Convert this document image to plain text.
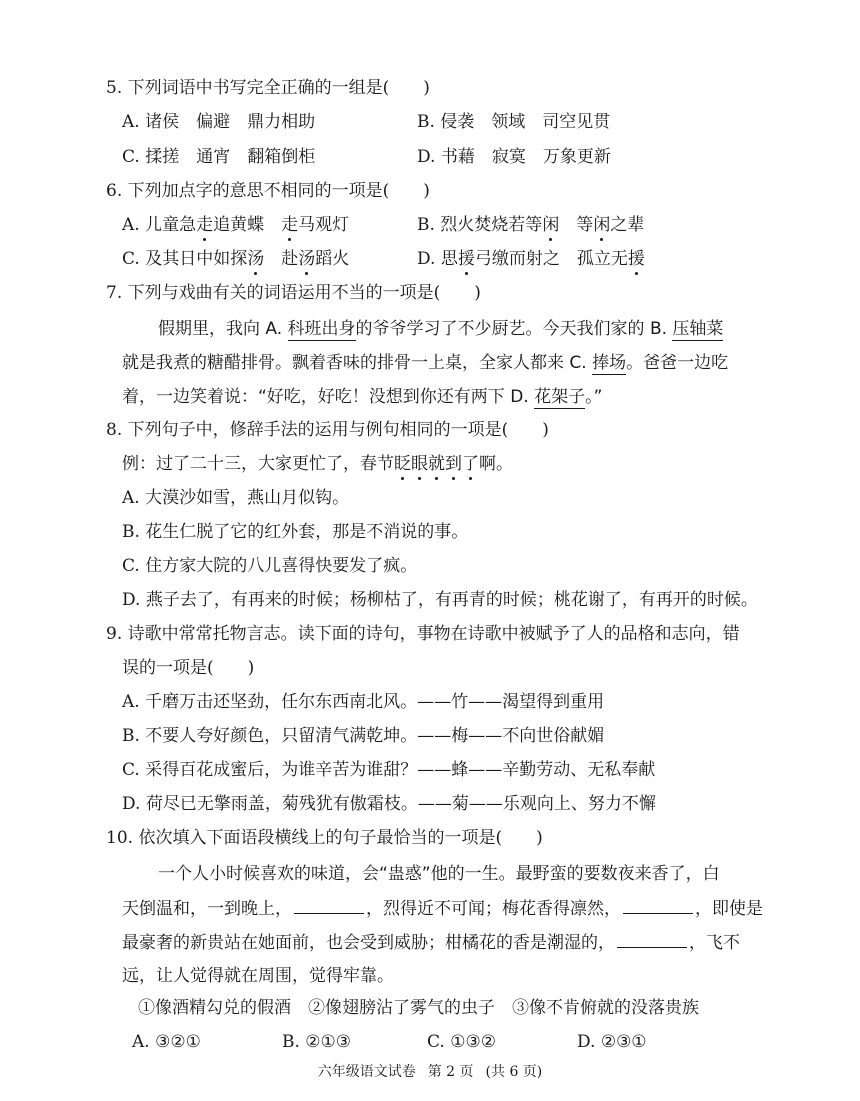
5. 下列词语中书写完全正确的一组是(　　)
A. 诸侯　偏避　鼎力相助	B. 侵袭　领域　司空见贯
C. 揉搓　通宵　翻箱倒柜	D. 书藉　寂寞　万象更新
6. 下列加点字的意思不相同的一项是(　　)
A. 儿童急走追黄蝶　走马观灯	B. 烈火焚烧若等闲　等闲之辈
C. 及其日中如探汤　赴汤蹈火	D. 思援弓缴而射之　孤立无援
7. 下列与戏曲有关的词语运用不当的一项是(　　)
假期里，我向 A. 科班出身的爷爷学习了不少厨艺。今天我们家的 B. 压轴菜
就是我煮的糖醋排骨。飘着香味的排骨一上桌，全家人都来 C. 捧场。爸爸一边吃
着，一边笑着说：“好吃，好吃！没想到你还有两下 D. 花架子。”
8. 下列句子中，修辞手法的运用与例句相同的一项是(　　)
例：过了二十三，大家更忙了，春节眨眼就到了啊。
A. 大漠沙如雪，燕山月似钩。
B. 花生仁脱了它的红外套，那是不消说的事。
C. 住方家大院的八儿喜得快要发了疯。
D. 燕子去了，有再来的时候；杨柳枯了，有再青的时候；桃花谢了，有再开的时候。
9. 诗歌中常常托物言志。读下面的诗句，事物在诗歌中被赋予了人的品格和志向，错
误的一项是(　　)
A. 千磨万击还坚劲，任尔东西南北风。——竹——渴望得到重用
B. 不要人夸好颜色，只留清气满乾坤。——梅——不向世俗献媚
C. 采得百花成蜜后，为谁辛苦为谁甜？——蜂——辛勤劳动、无私奉献
D. 荷尽已无擎雨盖，菊残犹有傲霜枝。——菊——乐观向上、努力不懈
10. 依次填入下面语段横线上的句子最恰当的一项是(　　)
一个人小时候喜欢的味道，会“蛊惑”他的一生。最野蛮的要数夜来香了，白
天倒温和，一到晚上，	，烈得近不可闻；梅花香得凛然，	，即使是
最豪奢的新贵站在她面前，也会受到威胁；柑橘花的香是潮湿的，	，飞不
远，让人觉得就在周围，觉得牢靠。
①像酒精勾兑的假酒　②像翅膀沾了雾气的虫子　③像不肯俯就的没落贵族
A. ③②①	B. ②①③	C. ①③②	D. ②③①
六年级语文试卷 第 2 页 (共 6 页)
